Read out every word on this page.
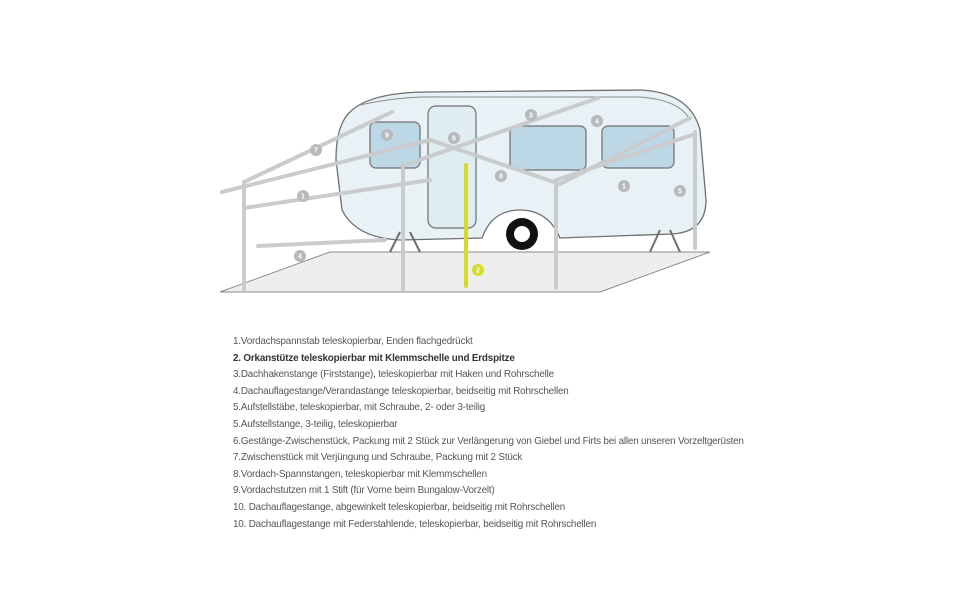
1
1
2
3
4
4
5
6
7
8
9
1.Vordachspannstab teleskopierbar, Enden flachgedrückt
2. Orkanstütze teleskopierbar mit Klemmschelle und Erdspitze
3.Dachhakenstange (Firststange), teleskopierbar mit Haken und Rohrschelle
4.Dachauflagestange/Verandastange teleskopierbar, beidseitig mit Rohrschellen
5.Aufstellstäbe, teleskopierbar, mit Schraube, 2- oder 3-teilig
5.Aufstellstange, 3-teilig, teleskopierbar
6.Gestänge-Zwischenstück, Packung mit 2 Stück zur Verlängerung von Giebel und Firts bei allen unseren Vorzeltgerüsten
7.Zwischenstück mit Verjüngung und Schraube, Packung mit 2 Stück
8.Vordach-Spannstangen, teleskopierbar mit Klemmschellen
9.Vordachstutzen mit 1 Stift (für Vorne beim Bungalow-Vorzelt)
10. Dachauflagestange, abgewinkelt teleskopierbar, beidseitig mit Rohrschellen
10. Dachauflagestange mit Federstahlende, teleskopierbar, beidseitig mit Rohrschellen
